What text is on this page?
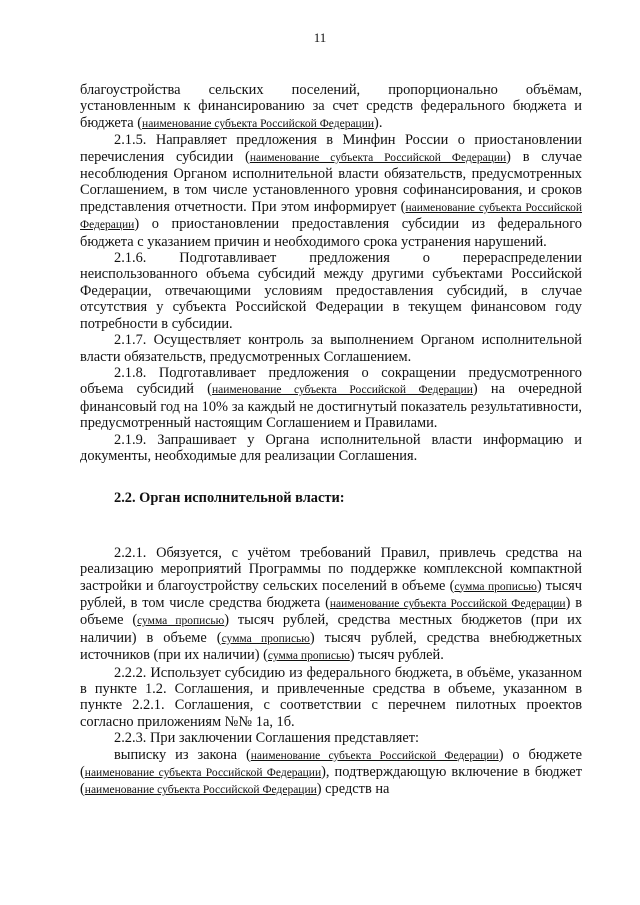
11

благоустройства сельских поселений, пропорционально объёмам, установленным к финансированию за счет средств федерального бюджета и бюджета (наименование субъекта Российской Федерации).

2.1.5. Направляет предложения в Минфин России о приостановлении перечисления субсидии (наименование субъекта Российской Федерации) в случае несоблюдения Органом исполнительной власти обязательств, предусмотренных Соглашением, в том числе установленного уровня софинансирования, и сроков представления отчетности. При этом информирует (наименование субъекта Российской Федерации) о приостановлении предоставления субсидии из федерального бюджета с указанием причин и необходимого срока устранения нарушений.

2.1.6. Подготавливает предложения о перераспределении неиспользованного объема субсидий между другими субъектами Российской Федерации, отвечающими условиям предоставления субсидий, в случае отсутствия у субъекта Российской Федерации в текущем финансовом году потребности в субсидии.

2.1.7. Осуществляет контроль за выполнением Органом исполнительной власти обязательств, предусмотренных Соглашением.

2.1.8. Подготавливает предложения о сокращении предусмотренного объема субсидий (наименование субъекта Российской Федерации) на очередной финансовый год на 10% за каждый не достигнутый показатель результативности, предусмотренный настоящим Соглашением и Правилами.

2.1.9. Запрашивает у Органа исполнительной власти информацию и документы, необходимые для реализации Соглашения.

2.2. Орган исполнительной власти:

2.2.1. Обязуется, с учётом требований Правил, привлечь средства на реализацию мероприятий Программы по поддержке комплексной компактной застройки и благоустройству сельских поселений в объеме (сумма прописью) тысяч рублей, в том числе средства бюджета (наименование субъекта Российской Федерации) в объеме (сумма прописью) тысяч рублей, средства местных бюджетов (при их наличии) в объеме (сумма прописью) тысяч рублей, средства внебюджетных источников (при их наличии) (сумма прописью) тысяч рублей.

2.2.2. Использует субсидию из федерального бюджета, в объёме, указанном в пункте 1.2. Соглашения, и привлеченные средства в объеме, указанном в пункте 2.2.1. Соглашения, с соответствии с перечнем пилотных проектов согласно приложениям №№ 1а, 1б.

2.2.3. При заключении Соглашения представляет:

выписку из закона (наименование субъекта Российской Федерации) о бюджете (наименование субъекта Российской Федерации), подтверждающую включение в бюджет (наименование субъекта Российской Федерации) средств на
